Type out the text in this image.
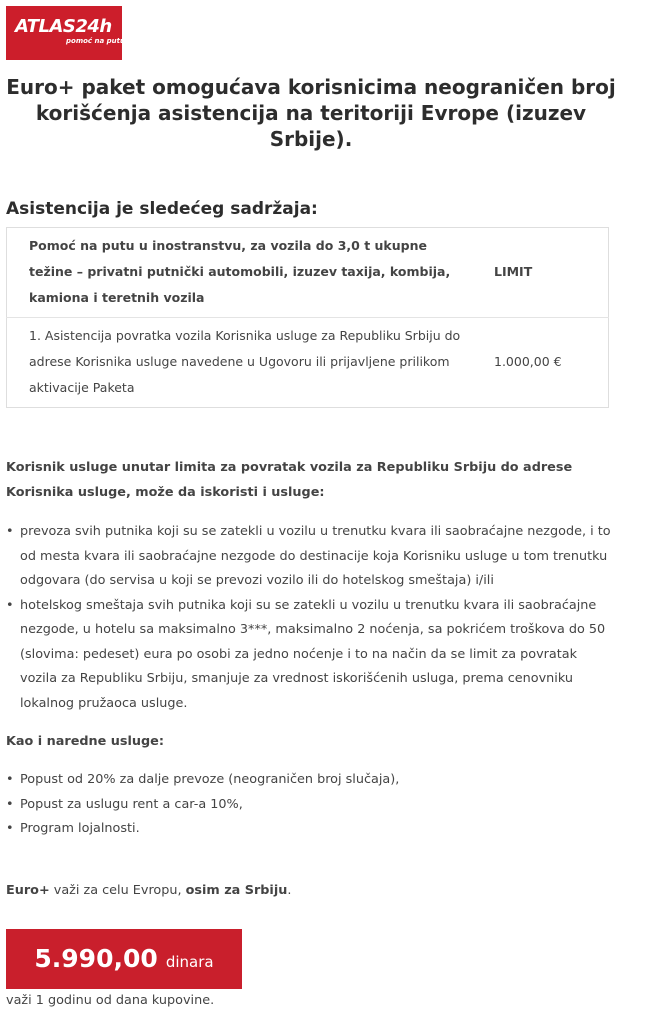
ATLAS24h
pomoć na putu
Euro+ paket omogućava korisnicima neograničen broj korišćenja asistencija na teritoriji Evrope (izuzev Srbije).
Asistencija je sledećeg sadržaja:
Pomoć na putu u inostranstvu, za vozila do 3,0 t ukupne težine – privatni putnički automobili, izuzev taxija, kombija, kamiona i teretnih vozila	LIMIT
1. Asistencija povratka vozila Korisnika usluge za Republiku Srbiju do adrese Korisnika usluge navedene u Ugovoru ili prijavljene prilikom aktivacije Paketa	1.000,00 €

Korisnik usluge unutar limita za povratak vozila za Republiku Srbiju do adrese Korisnika usluge, može da iskoristi i usluge:

• prevoza svih putnika koji su se zatekli u vozilu u trenutku kvara ili saobraćajne nezgode, i to od mesta kvara ili saobraćajne nezgode do destinacije koja Korisniku usluge u tom trenutku odgovara (do servisa u koji se prevozi vozilo ili do hotelskog smeštaja) i/ili
• hotelskog smeštaja svih putnika koji su se zatekli u vozilu u trenutku kvara ili saobraćajne nezgode, u hotelu sa maksimalno 3***, maksimalno 2 noćenja, sa pokrićem troškova do 50 (slovima: pedeset) eura po osobi za jedno noćenje i to na način da se limit za povratak vozila za Republiku Srbiju, smanjuje za vrednost iskorišćenih usluga, prema cenovniku lokalnog pružaoca usluge.

Kao i naredne usluge:

• Popust od 20% za dalje prevoze (neograničen broj slučaja),
• Popust za uslugu rent a car-a 10%,
• Program lojalnosti.

Euro+ važi za celu Evropu, osim za Srbiju.

5.990,00 dinara

važi 1 godinu od dana kupovine.
